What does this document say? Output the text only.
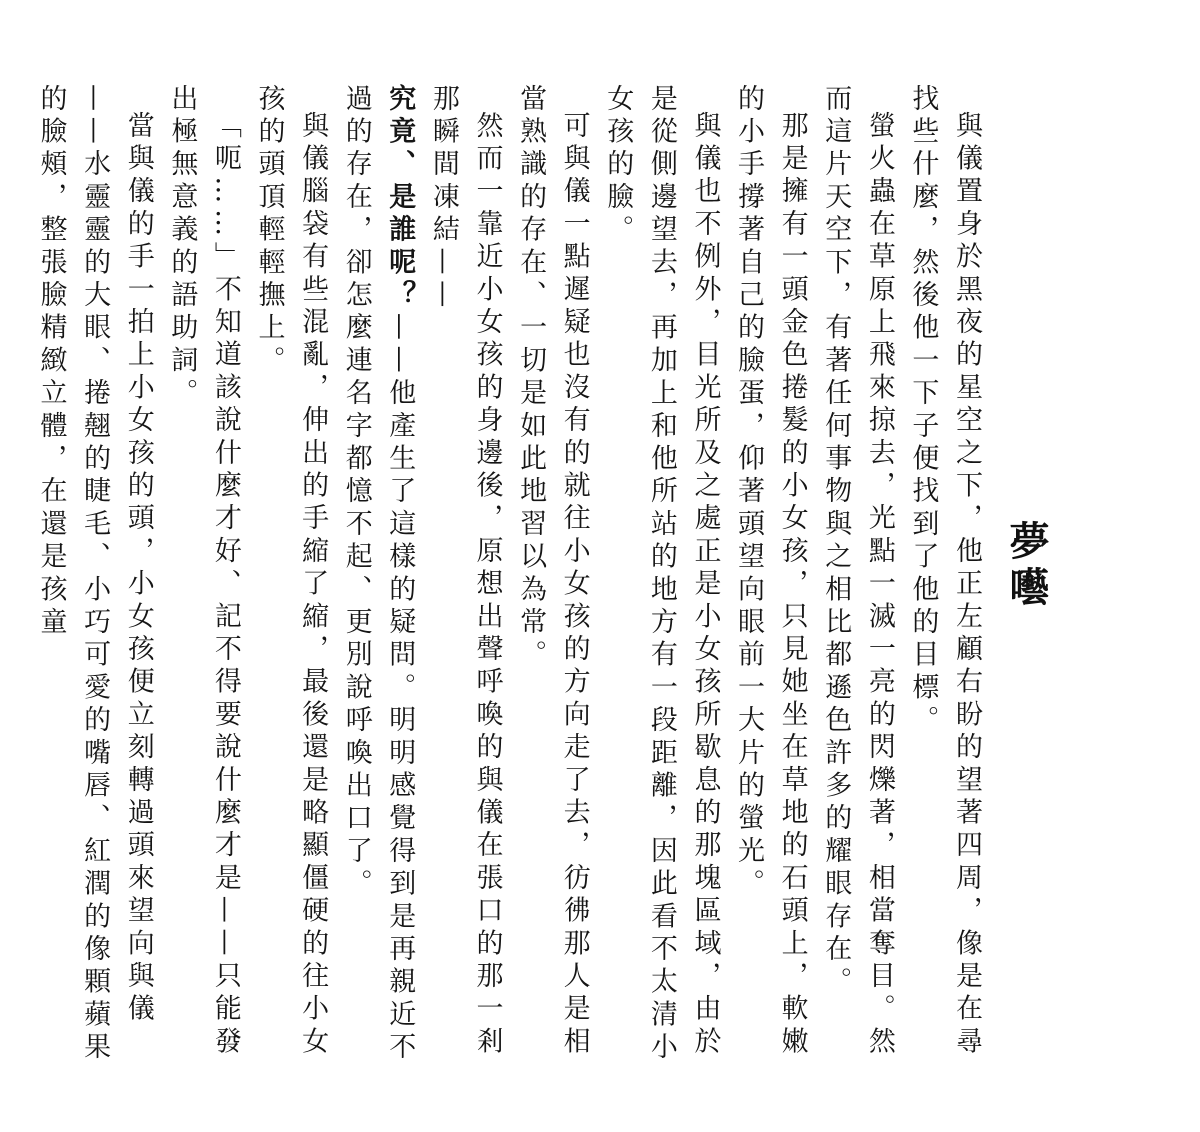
夢囈

與儀置身於黑夜的星空之下，他正左顧右盼的望著四周，像是在尋找些什麼，然後他一下子便找到了他的目標。

螢火蟲在草原上飛來掠去，光點一滅一亮的閃爍著，相當奪目。然而這片天空下，有著任何事物與之相比都遜色許多的耀眼存在。

那是擁有一頭金色捲髮的小女孩，只見她坐在草地的石頭上，軟嫩的小手撐著自己的臉蛋，仰著頭望向眼前一大片的螢光。

與儀也不例外，目光所及之處正是小女孩所歇息的那塊區域，由於是從側邊望去，再加上和他所站的地方有一段距離，因此看不太清小女孩的臉。

可與儀一點遲疑也沒有的就往小女孩的方向走了去，彷彿那人是相當熟識的存在、一切是如此地習以為常。

然而一靠近小女孩的身邊後，原想出聲呼喚的與儀在張口的那一剎那瞬間凍結——

究竟、是誰呢？——他產生了這樣的疑問。明明感覺得到是再親近不過的存在，卻怎麼連名字都憶不起、更別說呼喚出口了。

與儀腦袋有些混亂，伸出的手縮了縮，最後還是略顯僵硬的往小女孩的頭頂輕輕撫上。

「呃……」不知道該說什麼才好、記不得要說什麼才是——只能發出極無意義的語助詞。

當與儀的手一拍上小女孩的頭，小女孩便立刻轉過頭來望向與儀——水靈靈的大眼、捲翹的睫毛、小巧可愛的嘴唇、紅潤的像顆蘋果的臉頰，整張臉精緻立體，在還是孩童
